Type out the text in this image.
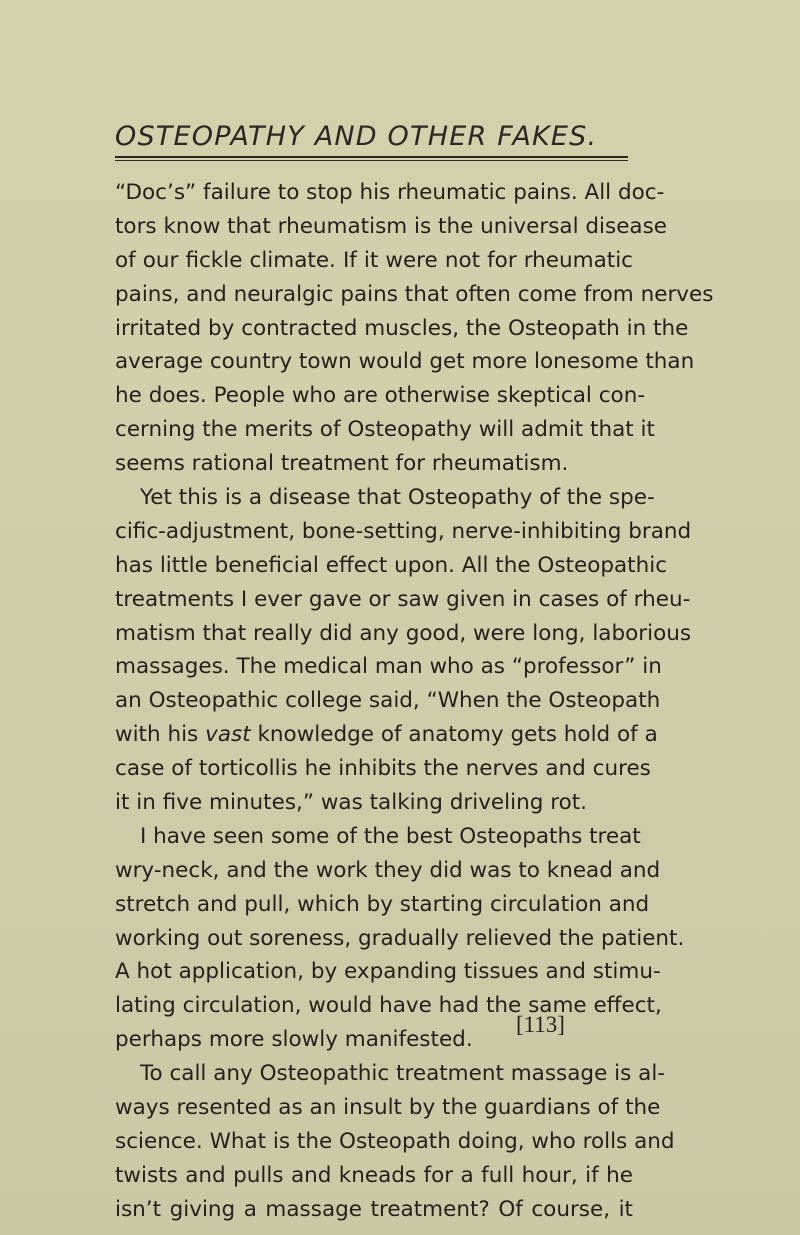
OSTEOPATHY AND OTHER FAKES.
“Doc’s” failure to stop his rheumatic pains. All doc-
tors know that rheumatism is the universal disease
of our fickle climate. If it were not for rheumatic
pains, and neuralgic pains that often come from nerves
irritated by contracted muscles, the Osteopath in the
average country town would get more lonesome than
he does. People who are otherwise skeptical con-
cerning the merits of Osteopathy will admit that it
seems rational treatment for rheumatism.
Yet this is a disease that Osteopathy of the spe-
cific-adjustment, bone-setting, nerve-inhibiting brand
has little beneficial effect upon. All the Osteopathic
treatments I ever gave or saw given in cases of rheu-
matism that really did any good, were long, laborious
massages. The medical man who as “professor” in
an Osteopathic college said, “When the Osteopath
with his vast knowledge of anatomy gets hold of a
case of torticollis he inhibits the nerves and cures
it in five minutes,” was talking driveling rot.
I have seen some of the best Osteopaths treat
wry-neck, and the work they did was to knead and
stretch and pull, which by starting circulation and
working out soreness, gradually relieved the patient.
A hot application, by expanding tissues and stimu-
lating circulation, would have had the same effect,
perhaps more slowly manifested.
To call any Osteopathic treatment massage is al-
ways resented as an insult by the guardians of the
science. What is the Osteopath doing, who rolls and
twists and pulls and kneads for a full hour, if he
isn’t giving a massage treatment? Of course, it
[113]
